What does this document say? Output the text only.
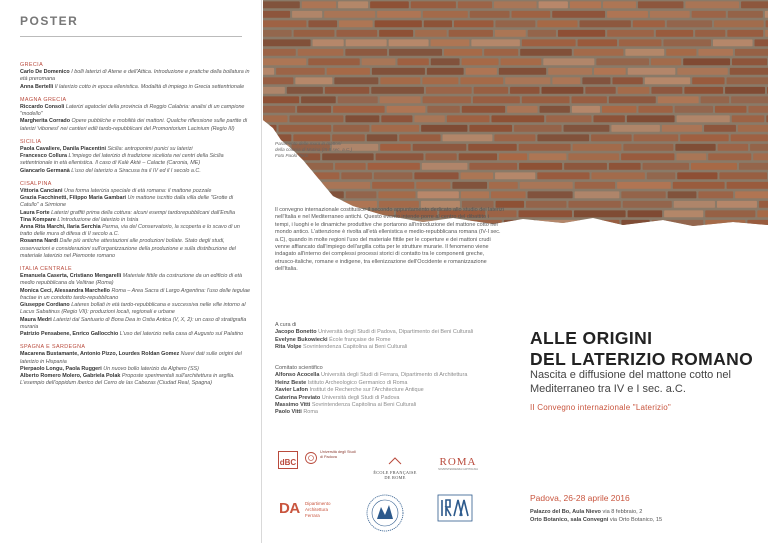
POSTER
GRECIA
Carlo De Domenico I bolli laterizi di Atene e dell'Attica. Introduzione e pratiche della bollatura in età preromana
Anna Bertelli Il laterizio cotto in epoca ellenistica. Modalità di impiego in Grecia settentrionale
MAGNA GRECIA
Riccardo Consoli Laterizi agatoclei della provincia di Reggio Calabria: analisi di un campione "modello"
Margherita Corrado Opere pubbliche e mobilità dei mattoni. Qualche riflessione sulle partite di laterizi 'vibonesi' nei cantieri edili tardo-repubblicani del Promontorium Lacinium (Regio III)
SICILIA
Paola Cavaliere, Danila Piacentini Sicilia: antroponimi punici su laterizi
Francesco Collura L'impiego del laterizio di tradizione siceliota nei centri della Sicilia settentrionale in età ellenistica. Il caso di Kalè Akté – Calacte (Caronia, ME)
Giancarlo Germanà L'uso del laterizio a Siracusa tra il IV ed il I secolo a.C.
CISALPINA
Vittoria Canciani Una forma laterizia speciale di età romana: il mattone pozzale
Grazia Facchinetti, Filippo Maria Gambari Un mattone iscritto dalla villa delle "Grotte di Catullo" a Sirmione
Laura Forte Laterizi graffiti prima della cottura: alcuni esempi tardorepubblicani dall'Emilia
Tina Kompare L'introduzione del laterizio in Istria
Anna Rita Marchi, Ilaria Serchia Parma, via del Conservatorio, la scoperta e lo scavo di un tratto delle mura di difesa di II secolo a.C.
Rosanna Nardi Dalle più antiche attestazioni alle produzioni bollate. Stato degli studi, osservazioni e considerazioni sull'organizzazione della produzione e sulla distribuzione del materiale laterizio nel Piemonte romano
ITALIA CENTRALE
Emanuela Caserta, Cristiano Mengarelli Materiale fittile da costruzione da un edificio di età medio repubblicana da Velitrae (Roma)
Monica Ceci, Alessandra Marchello Roma – Area Sacra di Largo Argentina: l'uso delle tegulae fractae in un condotto tardo-repubblicano
Giuseppe Cordiano Lateres bollati in età tardo-repubblicana e successiva nelle ville intorno al Lacus Sabatinus (Regio VII): produzioni locali, regionali e urbane
Maura Medri Laterizi dal Santuario di Bona Dea in Ostia Antica (V, X, 2): un caso di stratigrafia muraria
Patrizio Pensabene, Enrico Gallocchio L'uso del laterizio nella casa di Augusto sul Palatino
SPAGNA E SARDEGNA
Macarena Bustamante, Antonio Pizzo, Lourdes Roldan Gomez Nuevi dati sulle origini del laterizio in Hispania
Pierpaolo Longu, Paola Ruggeri Un nuovo bollo laterizio da Alghero (SS)
Alberto Romero Molero, Gabriela Polak Proposte sperimentali sull'architettura in argilla. L'esempio dell'oppidum iberico del Cerro de las Cabezas (Ciudad Real, Spagna)
Paramento delle mura in mattoni
della colonia di Mutina (III-II sec. a.C.)
Foto Paolo Terzi
Il convegno internazionale costituisce il secondo appuntamento dedicato allo studio dei laterizi nell'Italia e nel Mediterraneo antichi. Questo evento intende porre al centro del dibattito i tempi, i luoghi e le dinamiche produttive che portarono all'introduzione del mattone cotto nel mondo antico. L'attenzione è rivolta all'età ellenistica e medio-repubblicana romana (IV-I sec. a.C), quando in molte regioni l'uso del materiale fittile per le coperture e dei mattoni crudi venne affiancato dall'impiego dell'argilla cotta per le strutture murarie. Il fenomeno viene indagato all'interno dei complessi processi storici di contatto tra le componenti greche, etrusco-italiche, romane e indigene, tra ellenizzazione dell'Occidente e romanizzazione dell'Italia.
A cura di
Jacopo Bonetto Università degli Studi di Padova, Dipartimento dei Beni Culturali
Evelyne Bukowiecki École française de Rome
Rita Volpe Sovrintendenza Capitolina ai Beni Culturali
Comitato scientifico
Alfonso Acocella Università degli Studi di Ferrara, Dipartimento di Architettura
Heinz Beste Istituto Archeologico Germanico di Roma
Xavier Lafon Institut de Recherche sur l'Architecture Antique
Caterina Previato Università degli Studi di Padova
Massimo Vitti Sovrintendenza Capitolina ai Beni Culturali
Paolo Vitti Roma
ALLE ORIGINI
DEL LATERIZIO ROMANO
Nascita e diffusione del mattone cotto nel Mediterraneo tra IV e I sec. a.C.
II Convegno internazionale "Laterizio"
Padova, 26-28 aprile 2016
Palazzo del Bo, Aula Nievo via 8 febbraio, 2
Orto Botanico, sala Convegni via Orto Botanico, 15
dBC
Università degli Studi di Padova
ÉCOLE FRANÇAISE
DE ROME
ROMA
SOVRINTENDENZA CAPITOLINA
DA Dipartimento
Architettura
Ferrara
